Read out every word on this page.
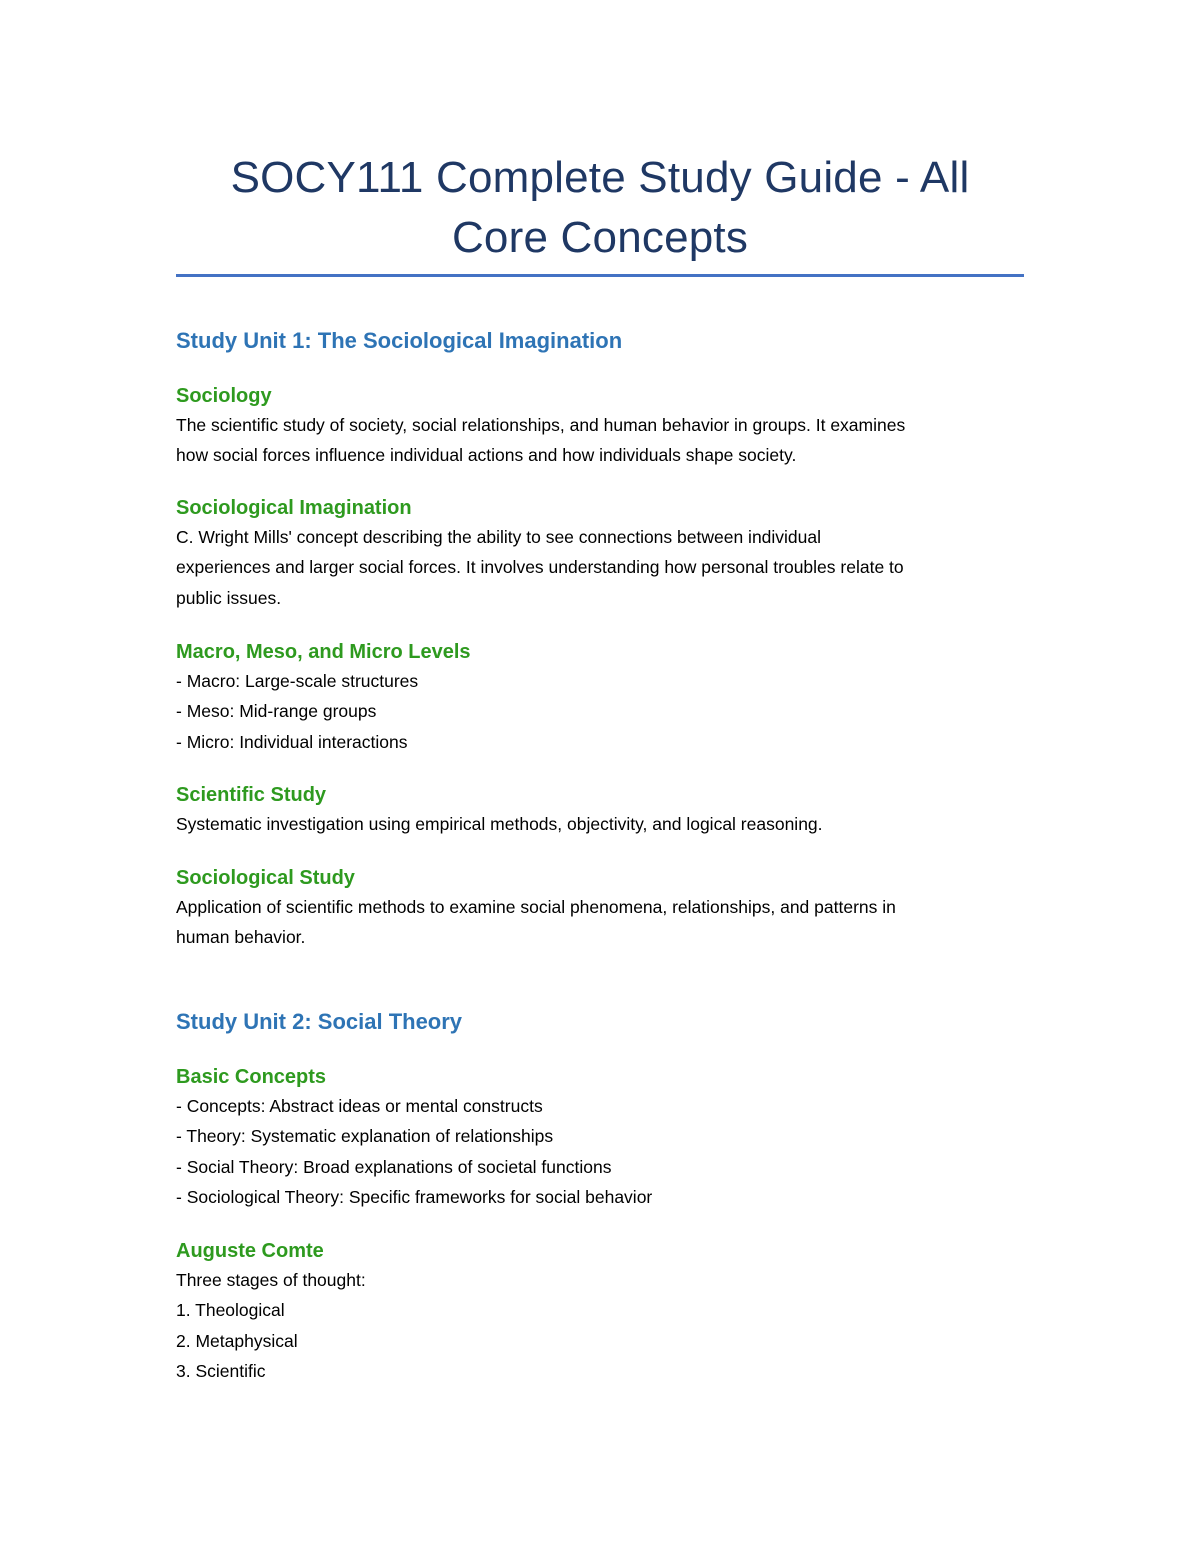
SOCY111 Complete Study Guide - All

Core Concepts

Study Unit 1: The Sociological Imagination
Sociology

The scientific study of society, social relationships, and human behavior in groups. It examines

how social forces influence individual actions and how individuals shape society.

Sociological Imagination

C. Wright Mills' concept describing the ability to see connections between individual

experiences and larger social forces. It involves understanding how personal troubles relate to

public issues.

Macro, Meso, and Micro Levels

- Macro: Large-scale structures

- Meso: Mid-range groups

- Micro: Individual interactions

Scientific Study

Systematic investigation using empirical methods, objectivity, and logical reasoning.

Sociological Study

Application of scientific methods to examine social phenomena, relationships, and patterns in

human behavior.

Study Unit 2: Social Theory
Basic Concepts

- Concepts: Abstract ideas or mental constructs

- Theory: Systematic explanation of relationships

- Social Theory: Broad explanations of societal functions

- Sociological Theory: Specific frameworks for social behavior

Auguste Comte

Three stages of thought:

1. Theological

2. Metaphysical

3. Scientific
